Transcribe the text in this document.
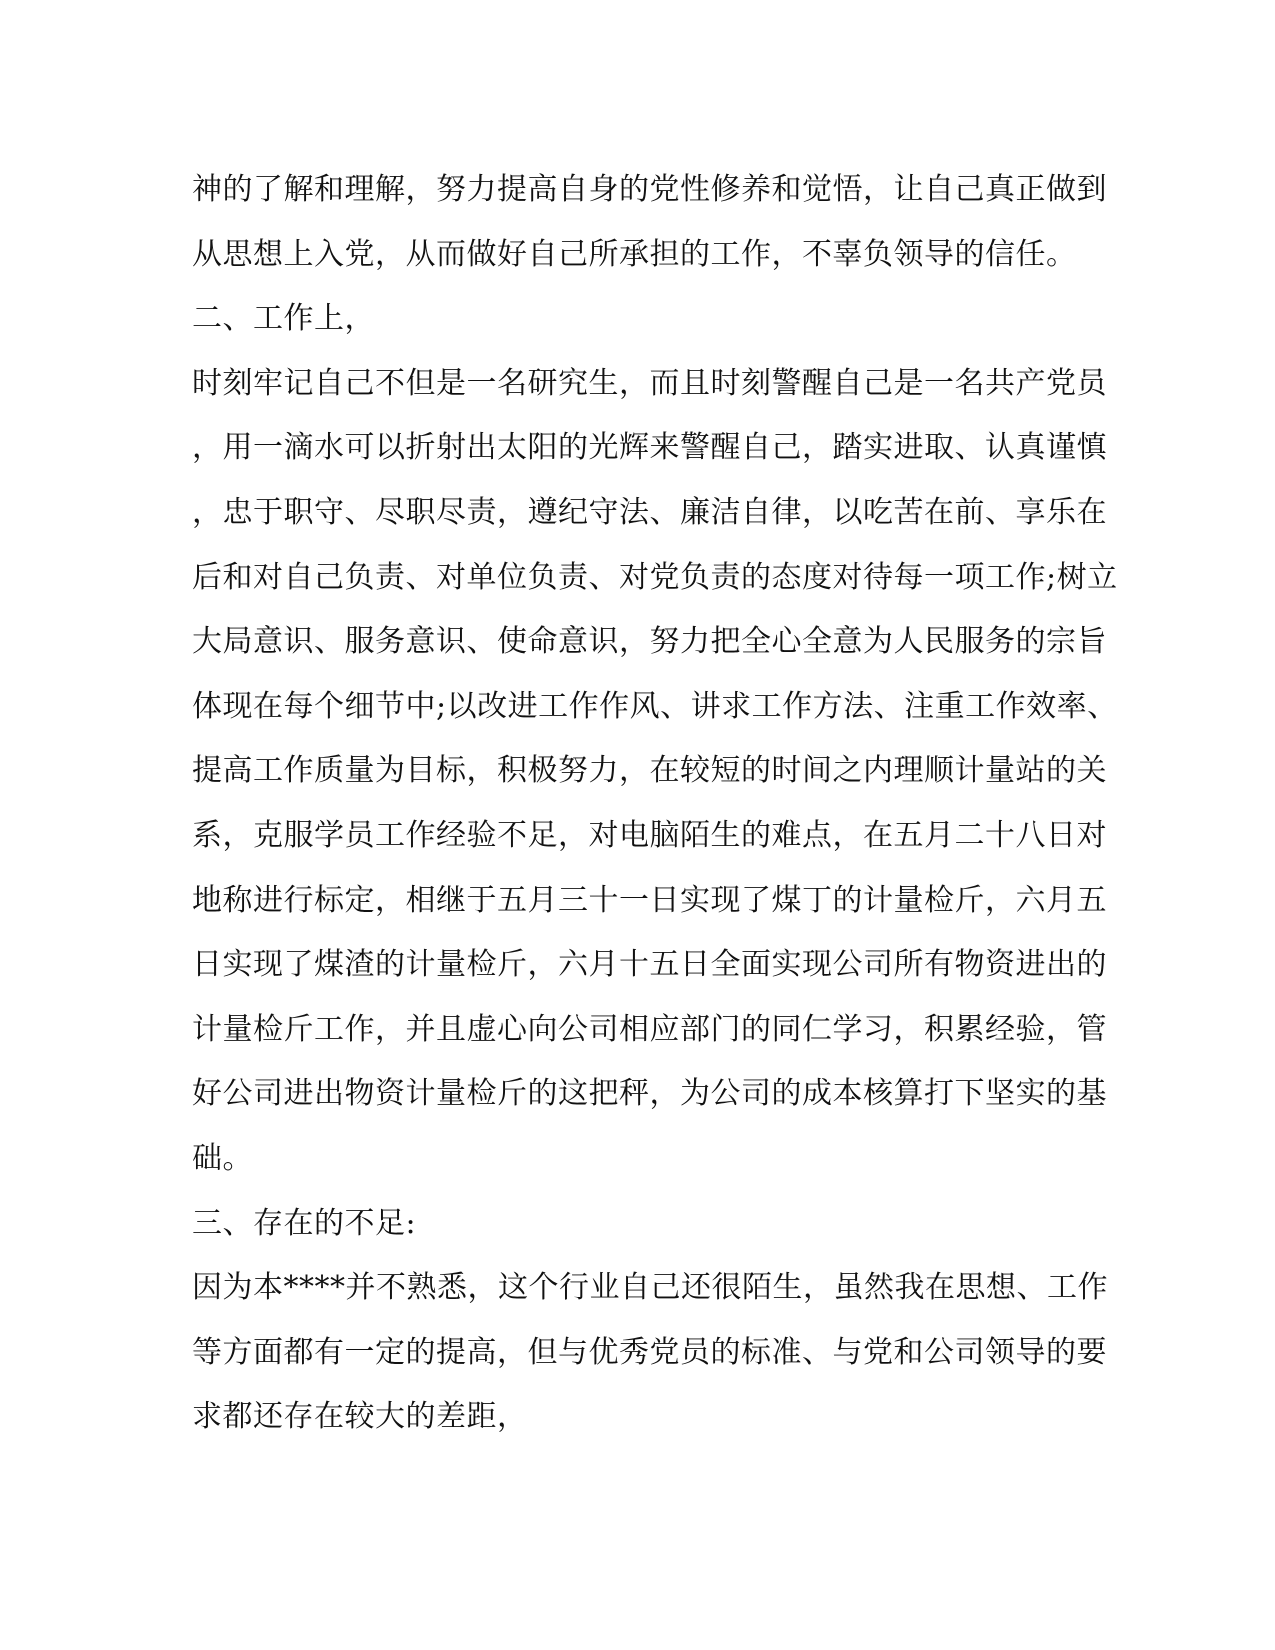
神的了解和理解，努力提高自身的党性修养和觉悟，让自己真正做到
从思想上入党，从而做好自己所承担的工作，不辜负领导的信任。
二、工作上，
时刻牢记自己不但是一名研究生，而且时刻警醒自己是一名共产党员
，用一滴水可以折射出太阳的光辉来警醒自己，踏实进取、认真谨慎
，忠于职守、尽职尽责，遵纪守法、廉洁自律，以吃苦在前、享乐在
后和对自己负责、对单位负责、对党负责的态度对待每一项工作;树立
大局意识、服务意识、使命意识，努力把全心全意为人民服务的宗旨
体现在每个细节中;以改进工作作风、讲求工作方法、注重工作效率、
提高工作质量为目标，积极努力，在较短的时间之内理顺计量站的关
系，克服学员工作经验不足，对电脑陌生的难点，在五月二十八日对
地称进行标定，相继于五月三十一日实现了煤丁的计量检斤，六月五
日实现了煤渣的计量检斤，六月十五日全面实现公司所有物资进出的
计量检斤工作，并且虚心向公司相应部门的同仁学习，积累经验，管
好公司进出物资计量检斤的这把秤，为公司的成本核算打下坚实的基
础。
三、存在的不足:
因为本****并不熟悉，这个行业自己还很陌生，虽然我在思想、工作
等方面都有一定的提高，但与优秀党员的标准、与党和公司领导的要
求都还存在较大的差距，
